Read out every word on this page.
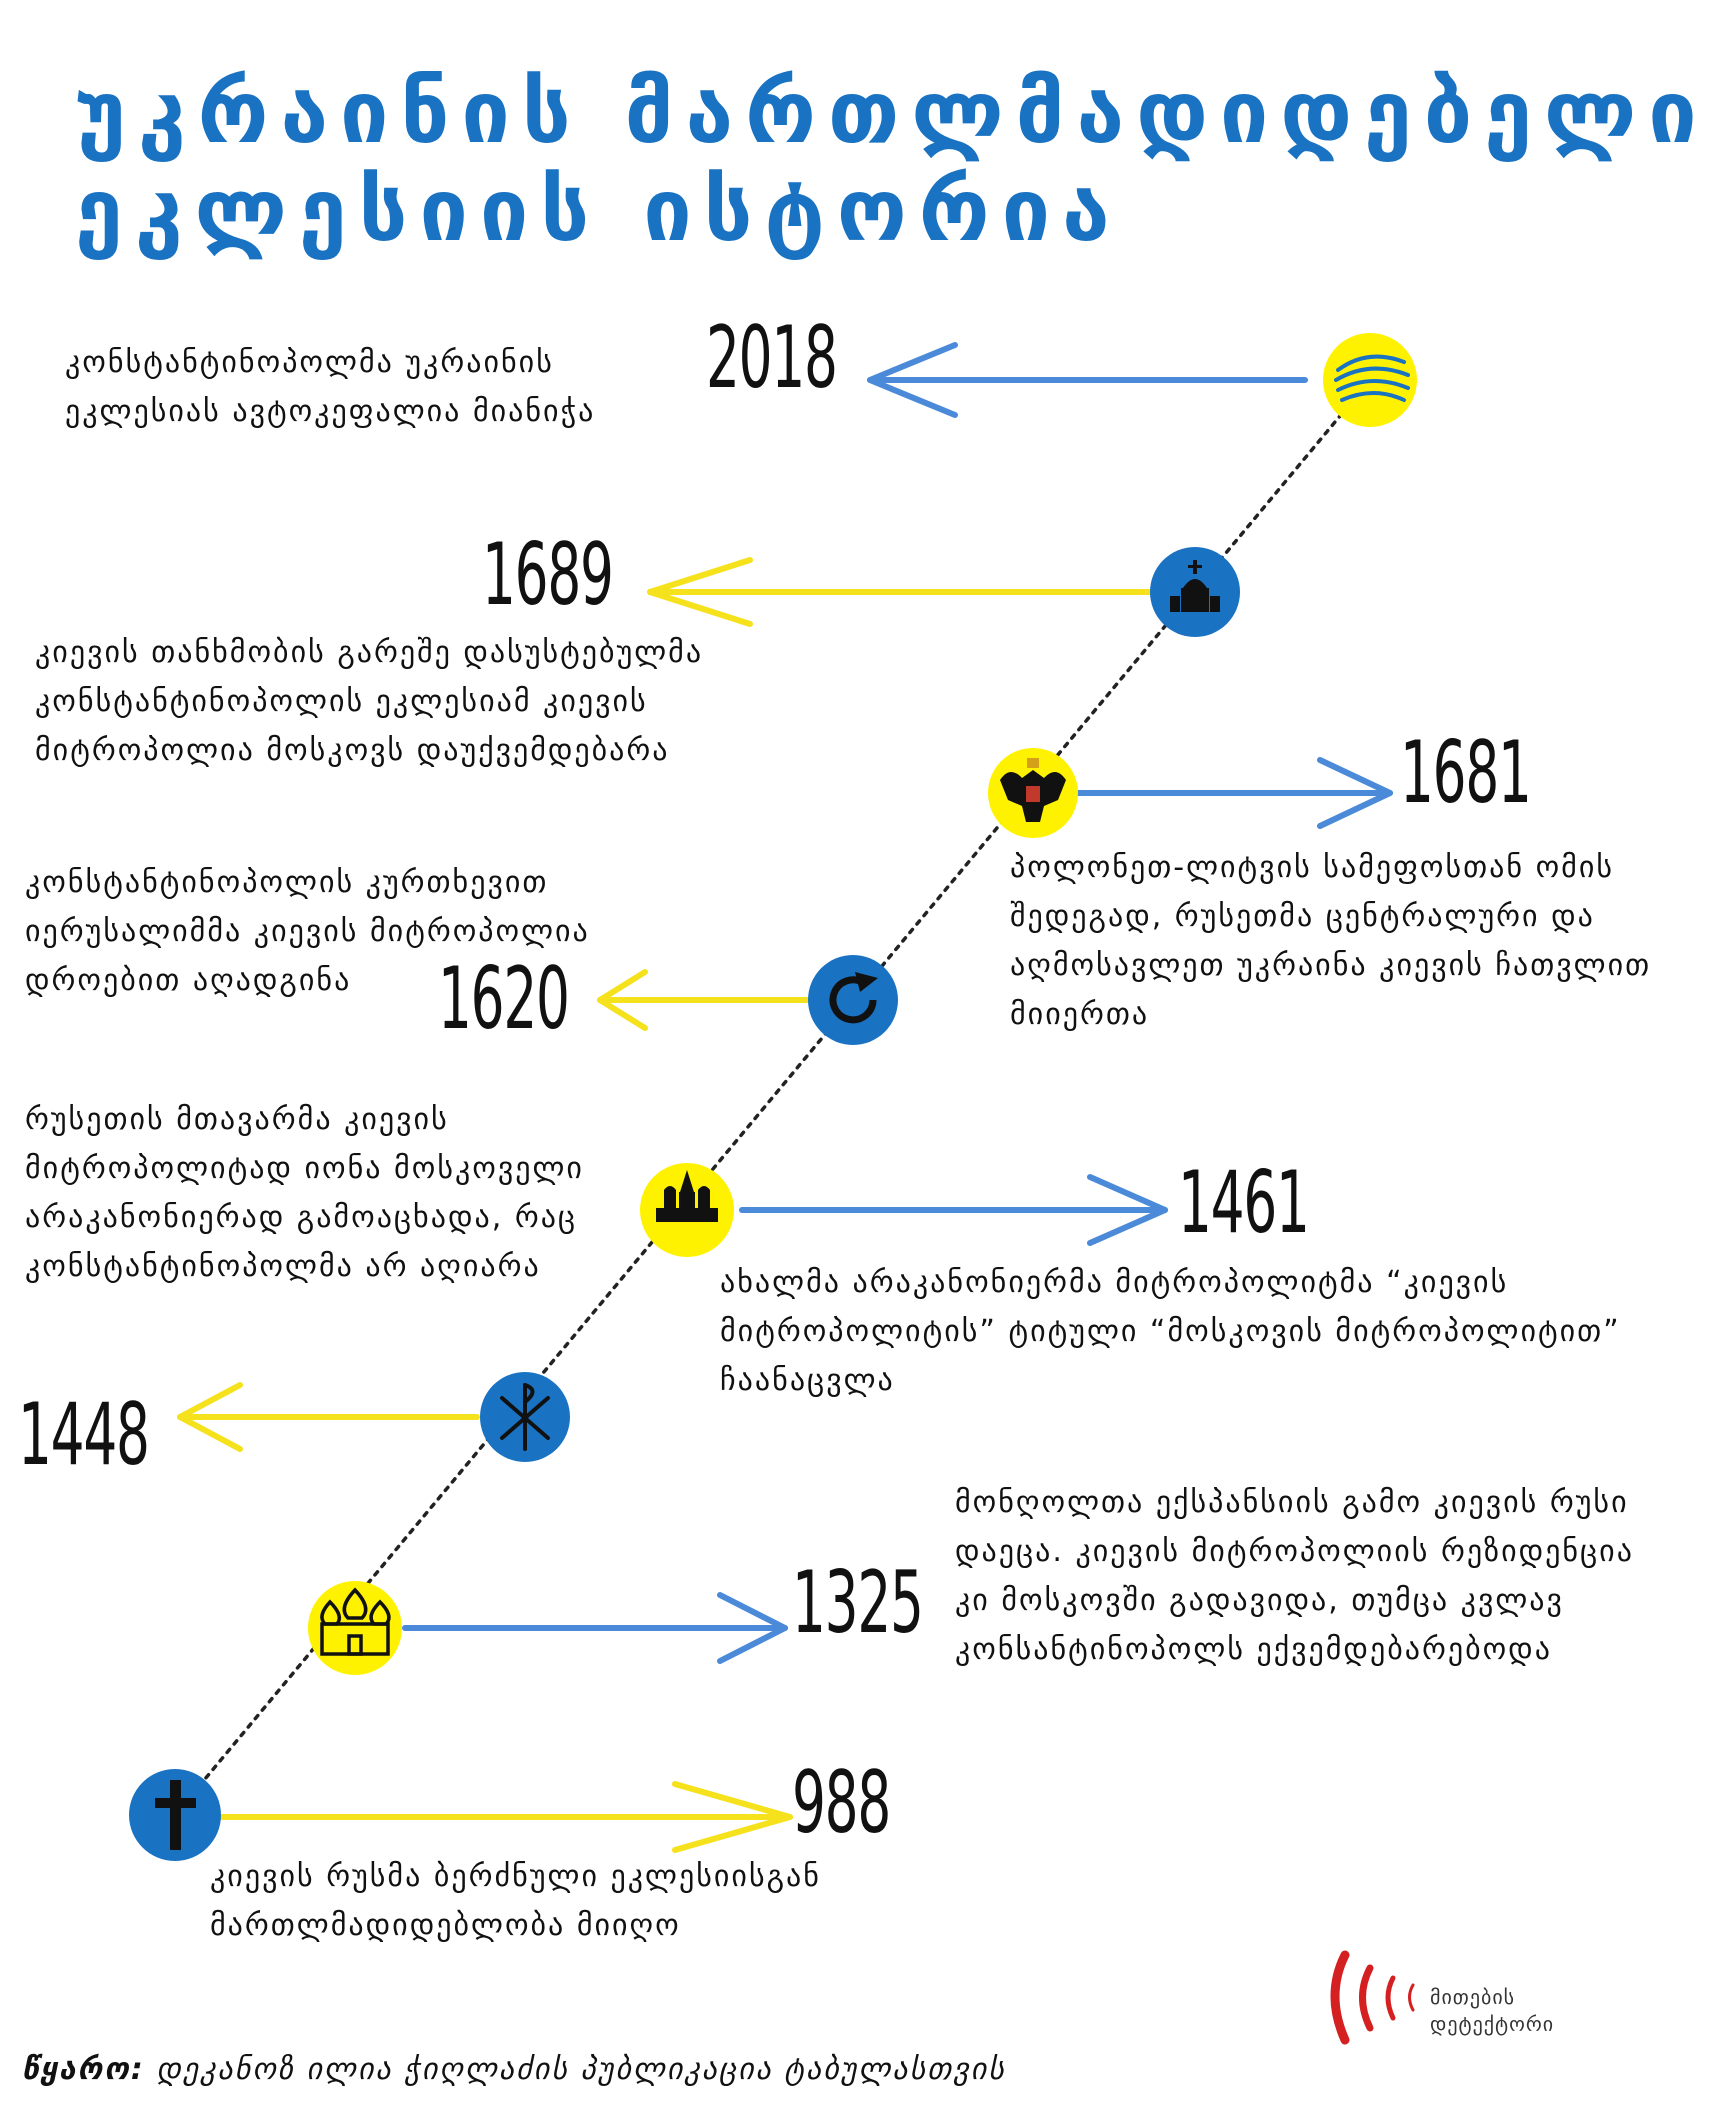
უკრაინის მართლმადიდებელი
ეკლესიის ისტორია
2018
1689
1681
1620
1461
1448
1325
988

კონსტანტინოპოლმა უკრაინის ეკლესიას ავტოკეფალია მიანიჭა

კიევის თანხმობის გარეშე დასუსტებულმა კონსტანტინოპოლის ეკლესიამ კიევის მიტროპოლია მოსკოვს დაუქვემდებარა

პოლონეთ-ლიტვის სამეფოსთან ომის შედეგად, რუსეთმა ცენტრალური და აღმოსავლეთ უკრაინა კიევის ჩათვლით მიიერთა

კონსტანტინოპოლის კურთხევით იერუსალიმმა კიევის მიტროპოლია დროებით აღადგინა

ახალმა არაკანონიერმა მიტროპოლიტმა “კიევის მიტროპოლიტის” ტიტული “მოსკოვის მიტროპოლიტით” ჩაანაცვლა

რუსეთის მთავარმა კიევის მიტროპოლიტად იონა მოსკოველი არაკანონიერად გამოაცხადა, რაც კონსტანტინოპოლმა არ აღიარა

მონღოლთა ექსპანსიის გამო კიევის რუსი დაეცა. კიევის მიტროპოლიის რეზიდენცია კი მოსკოვში გადავიდა, თუმცა კვლავ კონსანტინოპოლს ექვემდებარებოდა

კიევის რუსმა ბერძნული ეკლესიისგან მართლმადიდებლობა მიიღო

წყარო: დეკანოზ ილია ჭიღლაძის პუბლიკაცია ტაბულასთვის
მითების
დეტექტორი
